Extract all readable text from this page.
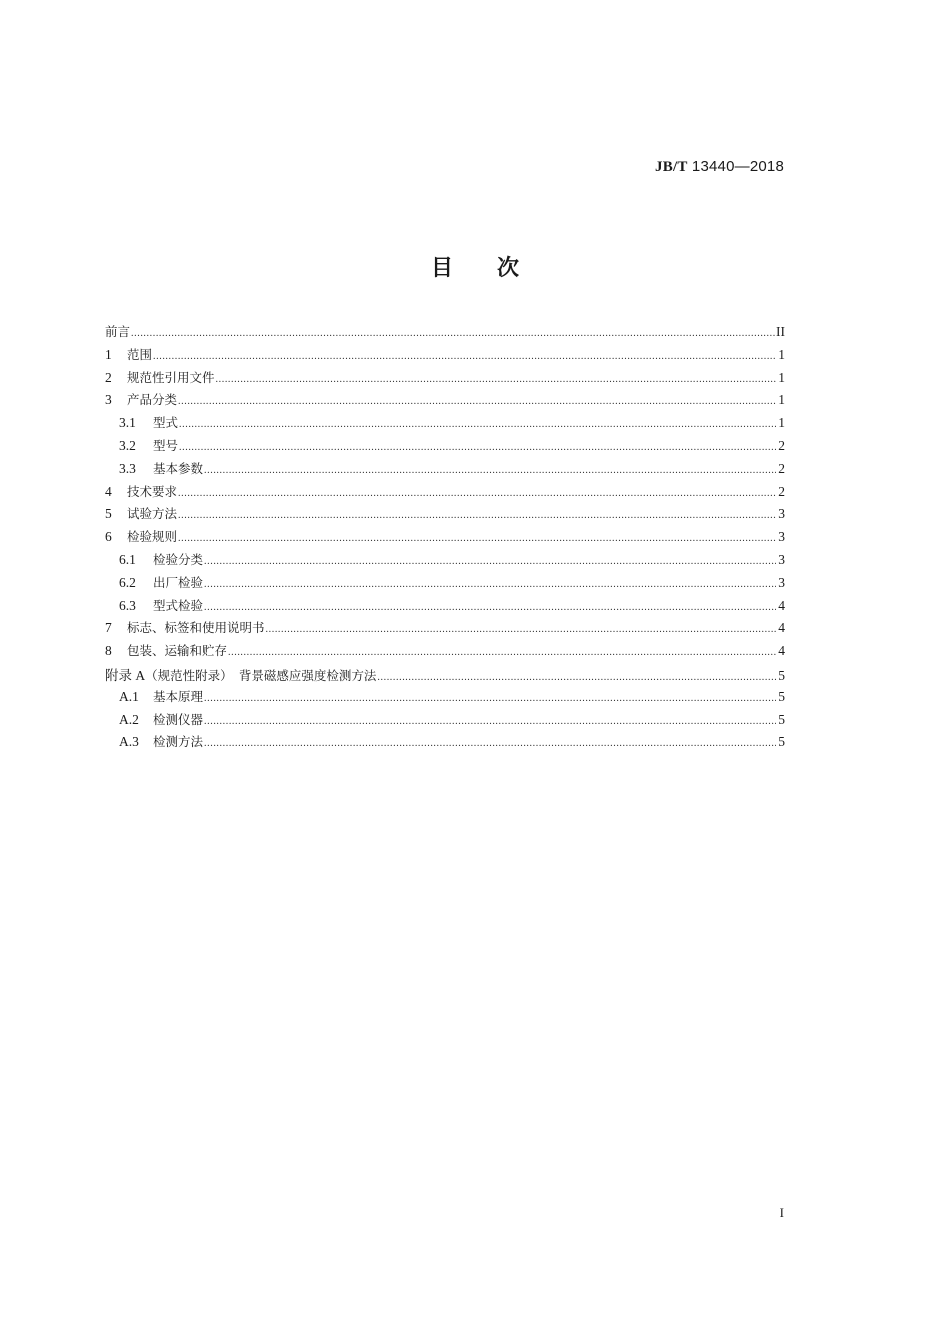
JB/T 13440—2018
目次
前言 .....	II
1	范围 .....	1
2	规范性引用文件 .....	1
3	产品分类 .....	1
3.1	型式 .....	1
3.2	型号 .....	2
3.3	基本参数 .....	2
4	技术要求 .....	2
5	试验方法 .....	3
6	检验规则 .....	3
6.1	检验分类 .....	3
6.2	出厂检验 .....	3
6.3	型式检验 .....	4
7	标志、标签和使用说明书 .....	4
8	包装、运输和贮存 .....	4
附录 A （规范性附录）　背景磁感应强度检测方法 .....	5
A.1	基本原理 .....	5
A.2	检测仪器 .....	5
A.3	检测方法 .....	5
I
